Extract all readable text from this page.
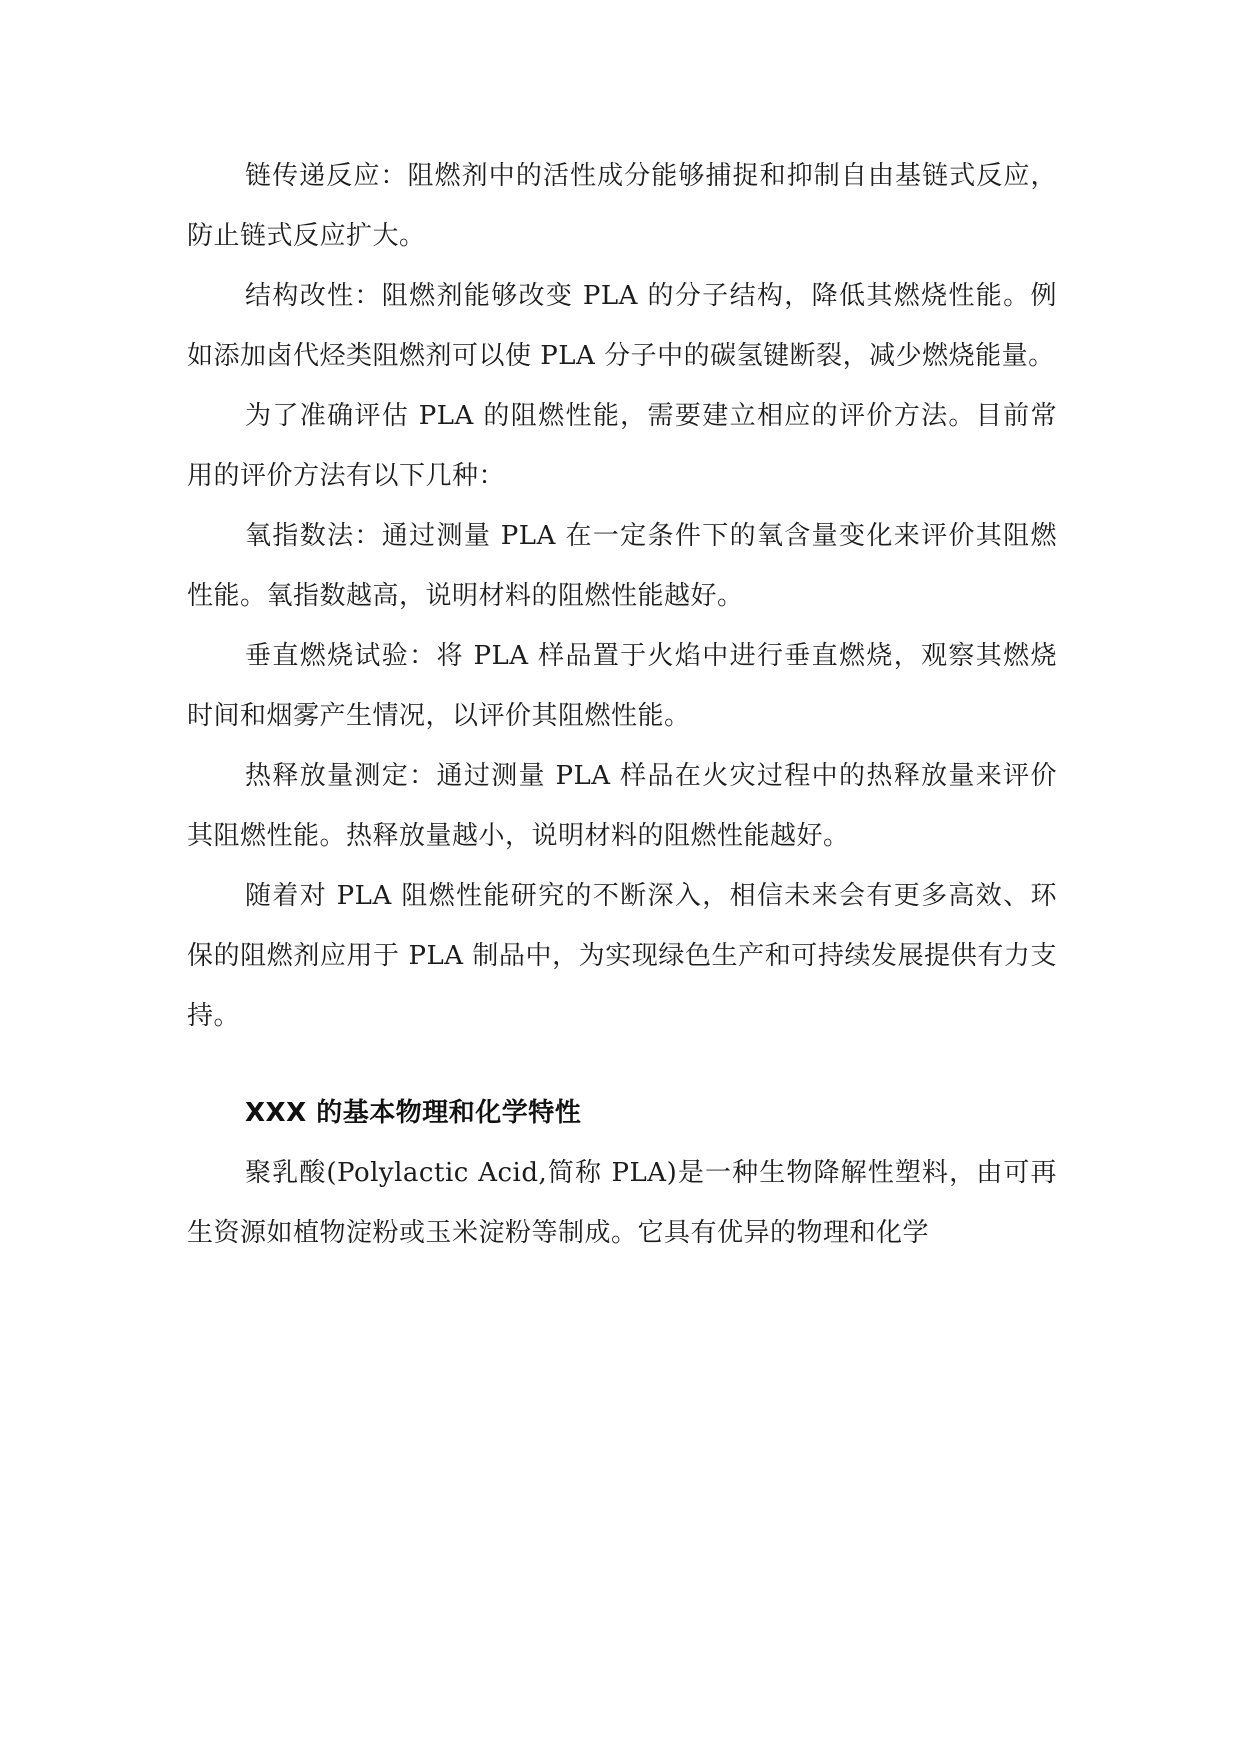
链传递反应：阻燃剂中的活性成分能够捕捉和抑制自由基链式反应，防止链式反应扩大。

结构改性：阻燃剂能够改变 PLA 的分子结构，降低其燃烧性能。例如添加卤代烃类阻燃剂可以使 PLA 分子中的碳氢键断裂，减少燃烧能量。

为了准确评估 PLA 的阻燃性能，需要建立相应的评价方法。目前常用的评价方法有以下几种：

氧指数法：通过测量 PLA 在一定条件下的氧含量变化来评价其阻燃性能。氧指数越高，说明材料的阻燃性能越好。

垂直燃烧试验：将 PLA 样品置于火焰中进行垂直燃烧，观察其燃烧时间和烟雾产生情况，以评价其阻燃性能。

热释放量测定：通过测量 PLA 样品在火灾过程中的热释放量来评价其阻燃性能。热释放量越小，说明材料的阻燃性能越好。

随着对 PLA 阻燃性能研究的不断深入，相信未来会有更多高效、环保的阻燃剂应用于 PLA 制品中，为实现绿色生产和可持续发展提供有力支持。

XXX 的基本物理和化学特性

聚乳酸(Polylactic Acid,简称 PLA)是一种生物降解性塑料，由可再生资源如植物淀粉或玉米淀粉等制成。它具有优异的物理和化学
